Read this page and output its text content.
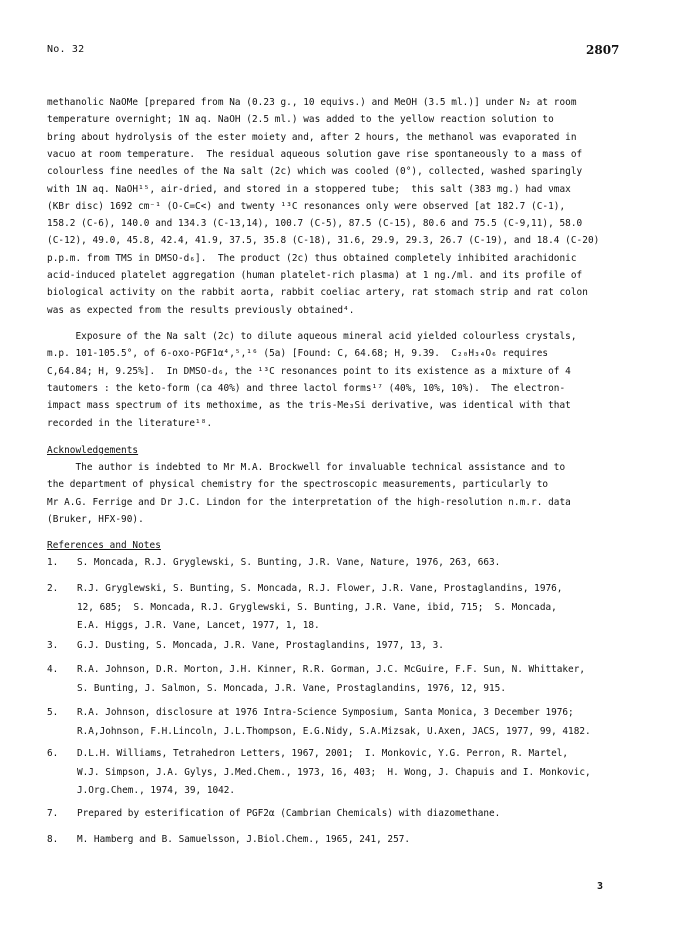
No. 32	2807
methanolic NaOMe [prepared from Na (0.23 g., 10 equivs.) and MeOH (3.5 ml.)] under N₂ at room
temperature overnight; 1N aq. NaOH (2.5 ml.) was added to the yellow reaction solution to
bring about hydrolysis of the ester moiety and, after 2 hours, the methanol was evaporated in
vacuo at room temperature.  The residual aqueous solution gave rise spontaneously to a mass of
colourless fine needles of the Na salt (2c) which was cooled (0°), collected, washed sparingly
with 1N aq. NaOH¹⁵, air-dried, and stored in a stoppered tube;  this salt (383 mg.) had νmax
(KBr disc) 1692 cm⁻¹ (O-C=C<) and twenty ¹³C resonances only were observed [at 182.7 (C-1),
158.2 (C-6), 140.0 and 134.3 (C-13,14), 100.7 (C-5), 87.5 (C-15), 80.6 and 75.5 (C-9,11), 58.0
(C-12), 49.0, 45.8, 42.4, 41.9, 37.5, 35.8 (C-18), 31.6, 29.9, 29.3, 26.7 (C-19), and 18.4 (C-20)
p.p.m. from TMS in DMSO-d₆].  The product (2c) thus obtained completely inhibited arachidonic
acid-induced platelet aggregation (human platelet-rich plasma) at 1 ng./ml. and its profile of
biological activity on the rabbit aorta, rabbit coeliac artery, rat stomach strip and rat colon
was as expected from the results previously obtained⁴.
Exposure of the Na salt (2c) to dilute aqueous mineral acid yielded colourless crystals,
m.p. 101-105.5°, of 6-oxo-PGF1α⁴,⁵,¹⁶ (5a) [Found: C, 64.68; H, 9.39.  C₂₀H₃₄O₆ requires
C,64.84; H, 9.25%].  In DMSO-d₆, the ¹³C resonances point to its existence as a mixture of 4
tautomers : the keto-form (ca 40%) and three lactol forms¹⁷ (40%, 10%, 10%).  The electron-
impact mass spectrum of its methoxime, as the tris-Me₃Si derivative, was identical with that
recorded in the literature¹⁸.
Acknowledgements
The author is indebted to Mr M.A. Brockwell for invaluable technical assistance and to
the department of physical chemistry for the spectroscopic measurements, particularly to
Mr A.G. Ferrige and Dr J.C. Lindon for the interpretation of the high-resolution n.m.r. data
(Bruker, HFX-90).
References and Notes
1. S. Moncada, R.J. Gryglewski, S. Bunting, J.R. Vane, Nature, 1976, 263, 663.
2. R.J. Gryglewski, S. Bunting, S. Moncada, R.J. Flower, J.R. Vane, Prostaglandins, 1976,
12, 685;  S. Moncada, R.J. Gryglewski, S. Bunting, J.R. Vane, ibid, 715;  S. Moncada,
E.A. Higgs, J.R. Vane, Lancet, 1977, 1, 18.
3. G.J. Dusting, S. Moncada, J.R. Vane, Prostaglandins, 1977, 13, 3.
4. R.A. Johnson, D.R. Morton, J.H. Kinner, R.R. Gorman, J.C. McGuire, F.F. Sun, N. Whittaker,
S. Bunting, J. Salmon, S. Moncada, J.R. Vane, Prostaglandins, 1976, 12, 915.
5. R.A. Johnson, disclosure at 1976 Intra-Science Symposium, Santa Monica, 3 December 1976;
R.A,Johnson, F.H.Lincoln, J.L.Thompson, E.G.Nidy, S.A.Mizsak, U.Axen, JACS, 1977, 99, 4182.
6. D.L.H. Williams, Tetrahedron Letters, 1967, 2001;  I. Monkovic, Y.G. Perron, R. Martel,
W.J. Simpson, J.A. Gylys, J.Med.Chem., 1973, 16, 403;  H. Wong, J. Chapuis and I. Monkovic,
J.Org.Chem., 1974, 39, 1042.
7. Prepared by esterification of PGF2α (Cambrian Chemicals) with diazomethane.
8. M. Hamberg and B. Samuelsson, J.Biol.Chem., 1965, 241, 257.
3
